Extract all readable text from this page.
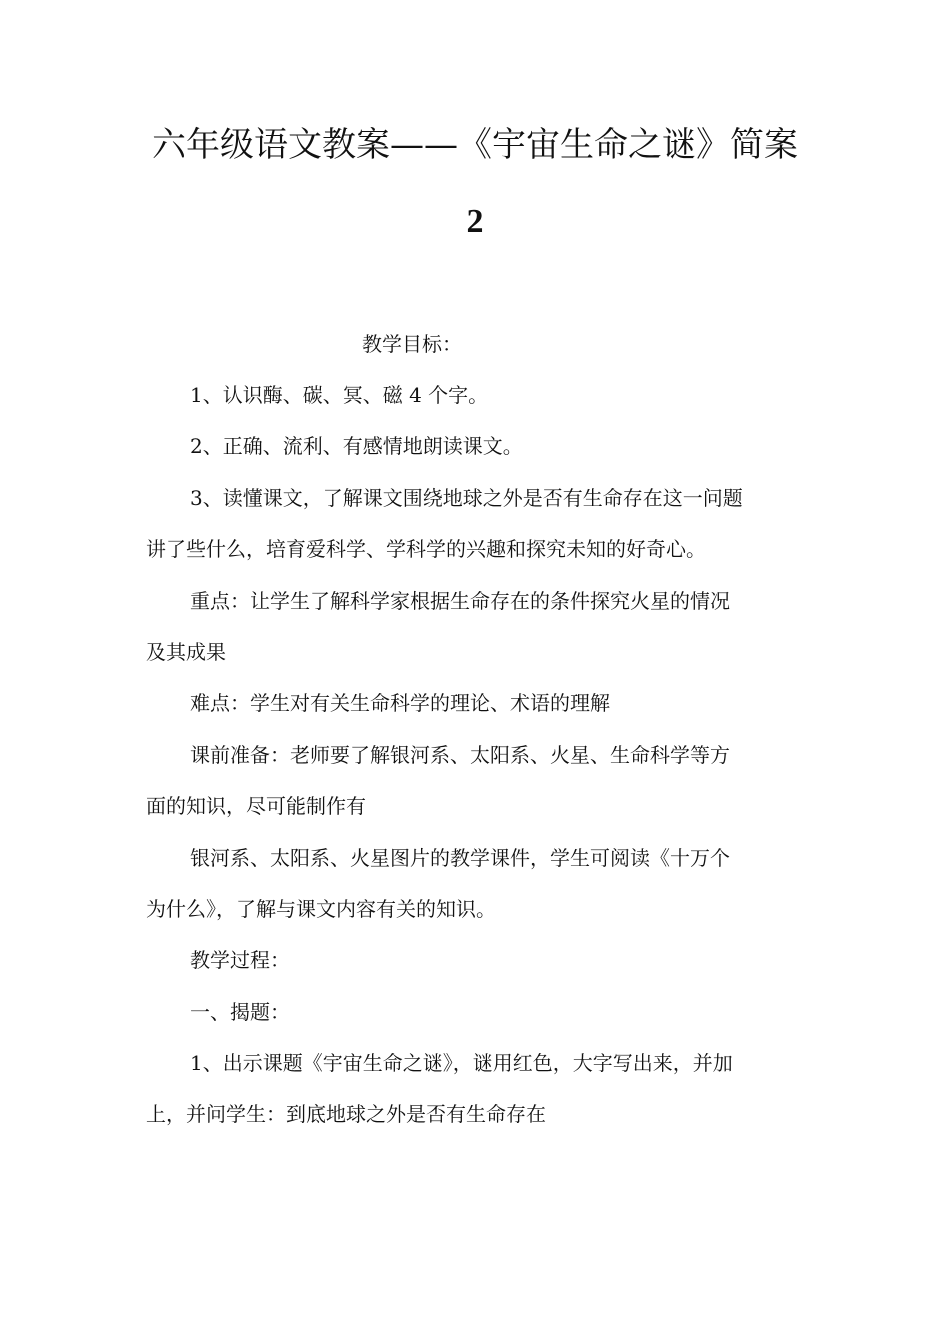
六年级语文教案——《宇宙生命之谜》简案
2
教学目标：
1、认识酶、碳、冥、磁 4 个字。
2、正确、流利、有感情地朗读课文。
3、读懂课文，了解课文围绕地球之外是否有生命存在这一问题
讲了些什么，培育爱科学、学科学的兴趣和探究未知的好奇心。
重点：让学生了解科学家根据生命存在的条件探究火星的情况
及其成果
难点：学生对有关生命科学的理论、术语的理解
课前准备：老师要了解银河系、太阳系、火星、生命科学等方
面的知识，尽可能制作有
银河系、太阳系、火星图片的教学课件，学生可阅读《十万个
为什么》，了解与课文内容有关的知识。
教学过程：
一、揭题：
1、出示课题《宇宙生命之谜》，谜用红色，大字写出来，并加
上，并问学生：到底地球之外是否有生命存在
